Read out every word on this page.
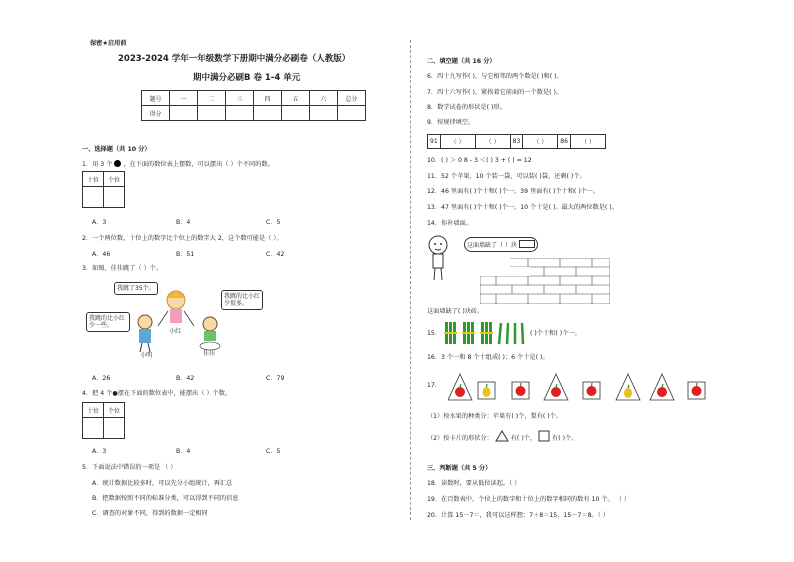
保密★启用前
2023-2024 学年一年级数学下册期中满分必刷卷（人教版）
期中满分必刷B 卷 1-4 单元
题号	一	二	三	四	五	六	总分
得分							
一、选择题（共 10 分）
1．用 3 个 ，在下面的数位表上摆数，可以摆出（ ）个不同的数。
十位	个位

A．3	B．4	C．5
2．一个两位数，十位上的数字比个位上的数字大 2，这个数可能是（ ）。
A．46	B．51	C．42
3．如图，佳佳跳了（ ）个。
我跳了35个。
我跳的比小红少一些。
我跳的比小红少很多。
小红
小明	佳佳
A．26	B．42	C．79
4．把 4 个●摆在下面的数位表中，能摆出（ ）个数。
十位	个位

A．3	B．4	C．5
5．下面说法中错误的一项是 （ ）
A．统计数据比较多时，可以先分小组统计，再汇总
B．把数据按照不同的标准分类，可以得到不同的信息
C．调查的对象不同，得到的数据一定相同
二、填空题（共 16 分）
6．四十九写作( )，与它相邻的两个数是( )和( )。
7．四十六写作( )，紧挨着它前面的一个数是( )。
8．数学试卷的形状是( )形。
9．按规律填空。
91	（ ）	（ ）	83	（ ）	86	（ ）
10．( ) ＞ 0 8 - 3 ＜( ) 3 + ( ) = 12
11．52 个苹果，10 个装一袋，可以装( )袋，还剩( )个。
12．46 里面有( )个十和( )个一。39 里面有( )个十和( )个一。
13．47 里面有( )个十和( )个一。10 个十是( )。最大的两位数是( )。
14．你补墙面。
这面墙缺了（ ）块
这面墙缺了( )块砖。
15．	( )个十和( )个一。
16．3 个一和 8 个十组成( )；6 个十是( )。
17．
（1）按水果的种类分：苹果有( )个，梨有( )个。
（2）按卡片的形状分：	有( )个，	有( )个。
三、判断题（共 5 分）
18．读数时，要从低位读起。（ ）
19．在百数表中，个位上的数字和十位上的数字相同的数有 10 个。 （ ）
20．计算 15－7＝，我可以这样想：7＋8＝15，15－7＝8。（ ）
